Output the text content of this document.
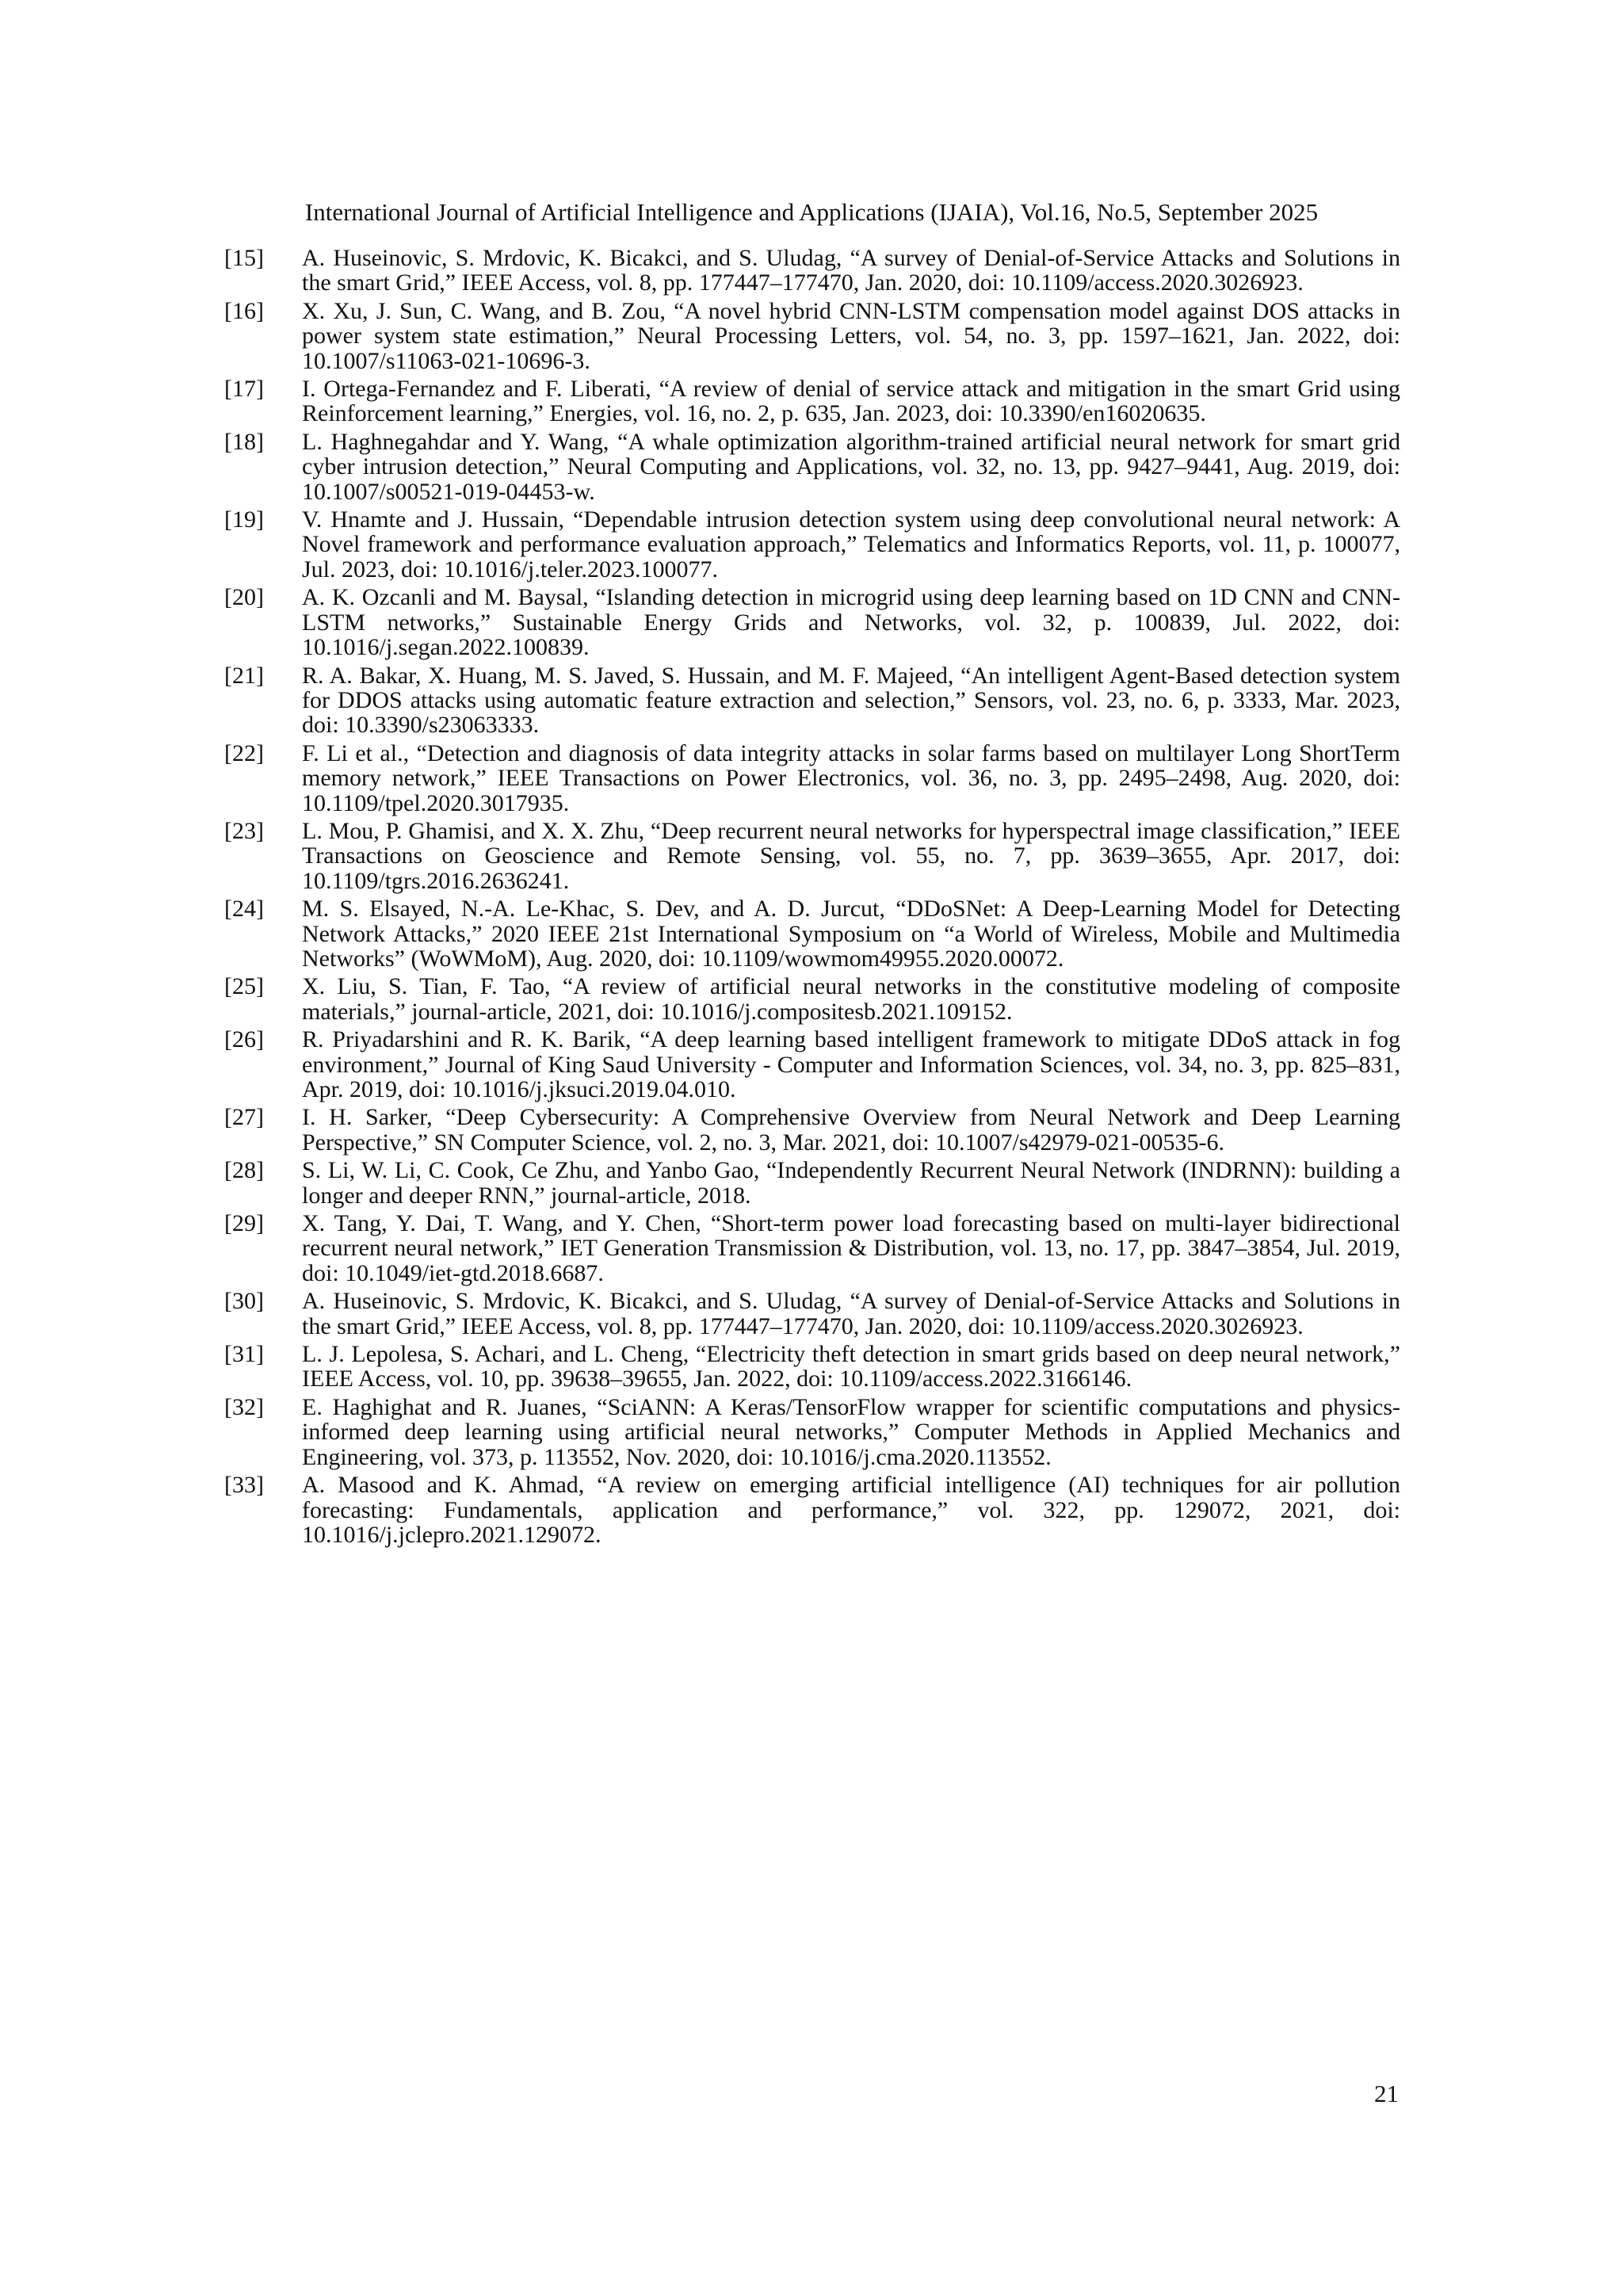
International Journal of Artificial Intelligence and Applications (IJAIA), Vol.16, No.5, September 2025

[15]	A. Huseinovic, S. Mrdovic, K. Bicakci, and S. Uludag, “A survey of Denial-of-Service Attacks and Solutions in the smart Grid,” IEEE Access, vol. 8, pp. 177447–177470, Jan. 2020, doi: 10.1109/access.2020.3026923.
[16]	X. Xu, J. Sun, C. Wang, and B. Zou, “A novel hybrid CNN-LSTM compensation model against DOS attacks in power system state estimation,” Neural Processing Letters, vol. 54, no. 3, pp. 1597–1621, Jan. 2022, doi: 10.1007/s11063-021-10696-3.
[17]	I. Ortega-Fernandez and F. Liberati, “A review of denial of service attack and mitigation in the smart Grid using Reinforcement learning,” Energies, vol. 16, no. 2, p. 635, Jan. 2023, doi: 10.3390/en16020635.
[18]	L. Haghnegahdar and Y. Wang, “A whale optimization algorithm-trained artificial neural network for smart grid cyber intrusion detection,” Neural Computing and Applications, vol. 32, no. 13, pp. 9427–9441, Aug. 2019, doi: 10.1007/s00521-019-04453-w.
[19]	V. Hnamte and J. Hussain, “Dependable intrusion detection system using deep convolutional neural network: A Novel framework and performance evaluation approach,” Telematics and Informatics Reports, vol. 11, p. 100077, Jul. 2023, doi: 10.1016/j.teler.2023.100077.
[20]	A. K. Ozcanli and M. Baysal, “Islanding detection in microgrid using deep learning based on 1D CNN and CNN-LSTM networks,” Sustainable Energy Grids and Networks, vol. 32, p. 100839, Jul. 2022, doi: 10.1016/j.segan.2022.100839.
[21]	R. A. Bakar, X. Huang, M. S. Javed, S. Hussain, and M. F. Majeed, “An intelligent Agent-Based detection system for DDOS attacks using automatic feature extraction and selection,” Sensors, vol. 23, no. 6, p. 3333, Mar. 2023, doi: 10.3390/s23063333.
[22]	F. Li et al., “Detection and diagnosis of data integrity attacks in solar farms based on multilayer Long ShortTerm memory network,” IEEE Transactions on Power Electronics, vol. 36, no. 3, pp. 2495–2498, Aug. 2020, doi: 10.1109/tpel.2020.3017935.
[23]	L. Mou, P. Ghamisi, and X. X. Zhu, “Deep recurrent neural networks for hyperspectral image classification,” IEEE Transactions on Geoscience and Remote Sensing, vol. 55, no. 7, pp. 3639–3655, Apr. 2017, doi: 10.1109/tgrs.2016.2636241.
[24]	M. S. Elsayed, N.-A. Le-Khac, S. Dev, and A. D. Jurcut, “DDoSNet: A Deep-Learning Model for Detecting Network Attacks,” 2020 IEEE 21st International Symposium on “a World of Wireless, Mobile and Multimedia Networks” (WoWMoM), Aug. 2020, doi: 10.1109/wowmom49955.2020.00072.
[25]	X. Liu, S. Tian, F. Tao, “A review of artificial neural networks in the constitutive modeling of composite materials,” journal-article, 2021, doi: 10.1016/j.compositesb.2021.109152.
[26]	R. Priyadarshini and R. K. Barik, “A deep learning based intelligent framework to mitigate DDoS attack in fog environment,” Journal of King Saud University - Computer and Information Sciences, vol. 34, no. 3, pp. 825–831, Apr. 2019, doi: 10.1016/j.jksuci.2019.04.010.
[27]	I. H. Sarker, “Deep Cybersecurity: A Comprehensive Overview from Neural Network and Deep Learning Perspective,” SN Computer Science, vol. 2, no. 3, Mar. 2021, doi: 10.1007/s42979-021-00535-6.
[28]	S. Li, W. Li, C. Cook, Ce Zhu, and Yanbo Gao, “Independently Recurrent Neural Network (INDRNN): building a longer and deeper RNN,” journal-article, 2018.
[29]	X. Tang, Y. Dai, T. Wang, and Y. Chen, “Short-term power load forecasting based on multi-layer bidirectional recurrent neural network,” IET Generation Transmission & Distribution, vol. 13, no. 17, pp. 3847–3854, Jul. 2019, doi: 10.1049/iet-gtd.2018.6687.
[30]	A. Huseinovic, S. Mrdovic, K. Bicakci, and S. Uludag, “A survey of Denial-of-Service Attacks and Solutions in the smart Grid,” IEEE Access, vol. 8, pp. 177447–177470, Jan. 2020, doi: 10.1109/access.2020.3026923.
[31]	L. J. Lepolesa, S. Achari, and L. Cheng, “Electricity theft detection in smart grids based on deep neural network,” IEEE Access, vol. 10, pp. 39638–39655, Jan. 2022, doi: 10.1109/access.2022.3166146.
[32]	E. Haghighat and R. Juanes, “SciANN: A Keras/TensorFlow wrapper for scientific computations and physics-informed deep learning using artificial neural networks,” Computer Methods in Applied Mechanics and Engineering, vol. 373, p. 113552, Nov. 2020, doi: 10.1016/j.cma.2020.113552.
[33]	A. Masood and K. Ahmad, “A review on emerging artificial intelligence (AI) techniques for air pollution forecasting: Fundamentals, application and performance,” vol. 322, pp. 129072, 2021, doi: 10.1016/j.jclepro.2021.129072.
21
